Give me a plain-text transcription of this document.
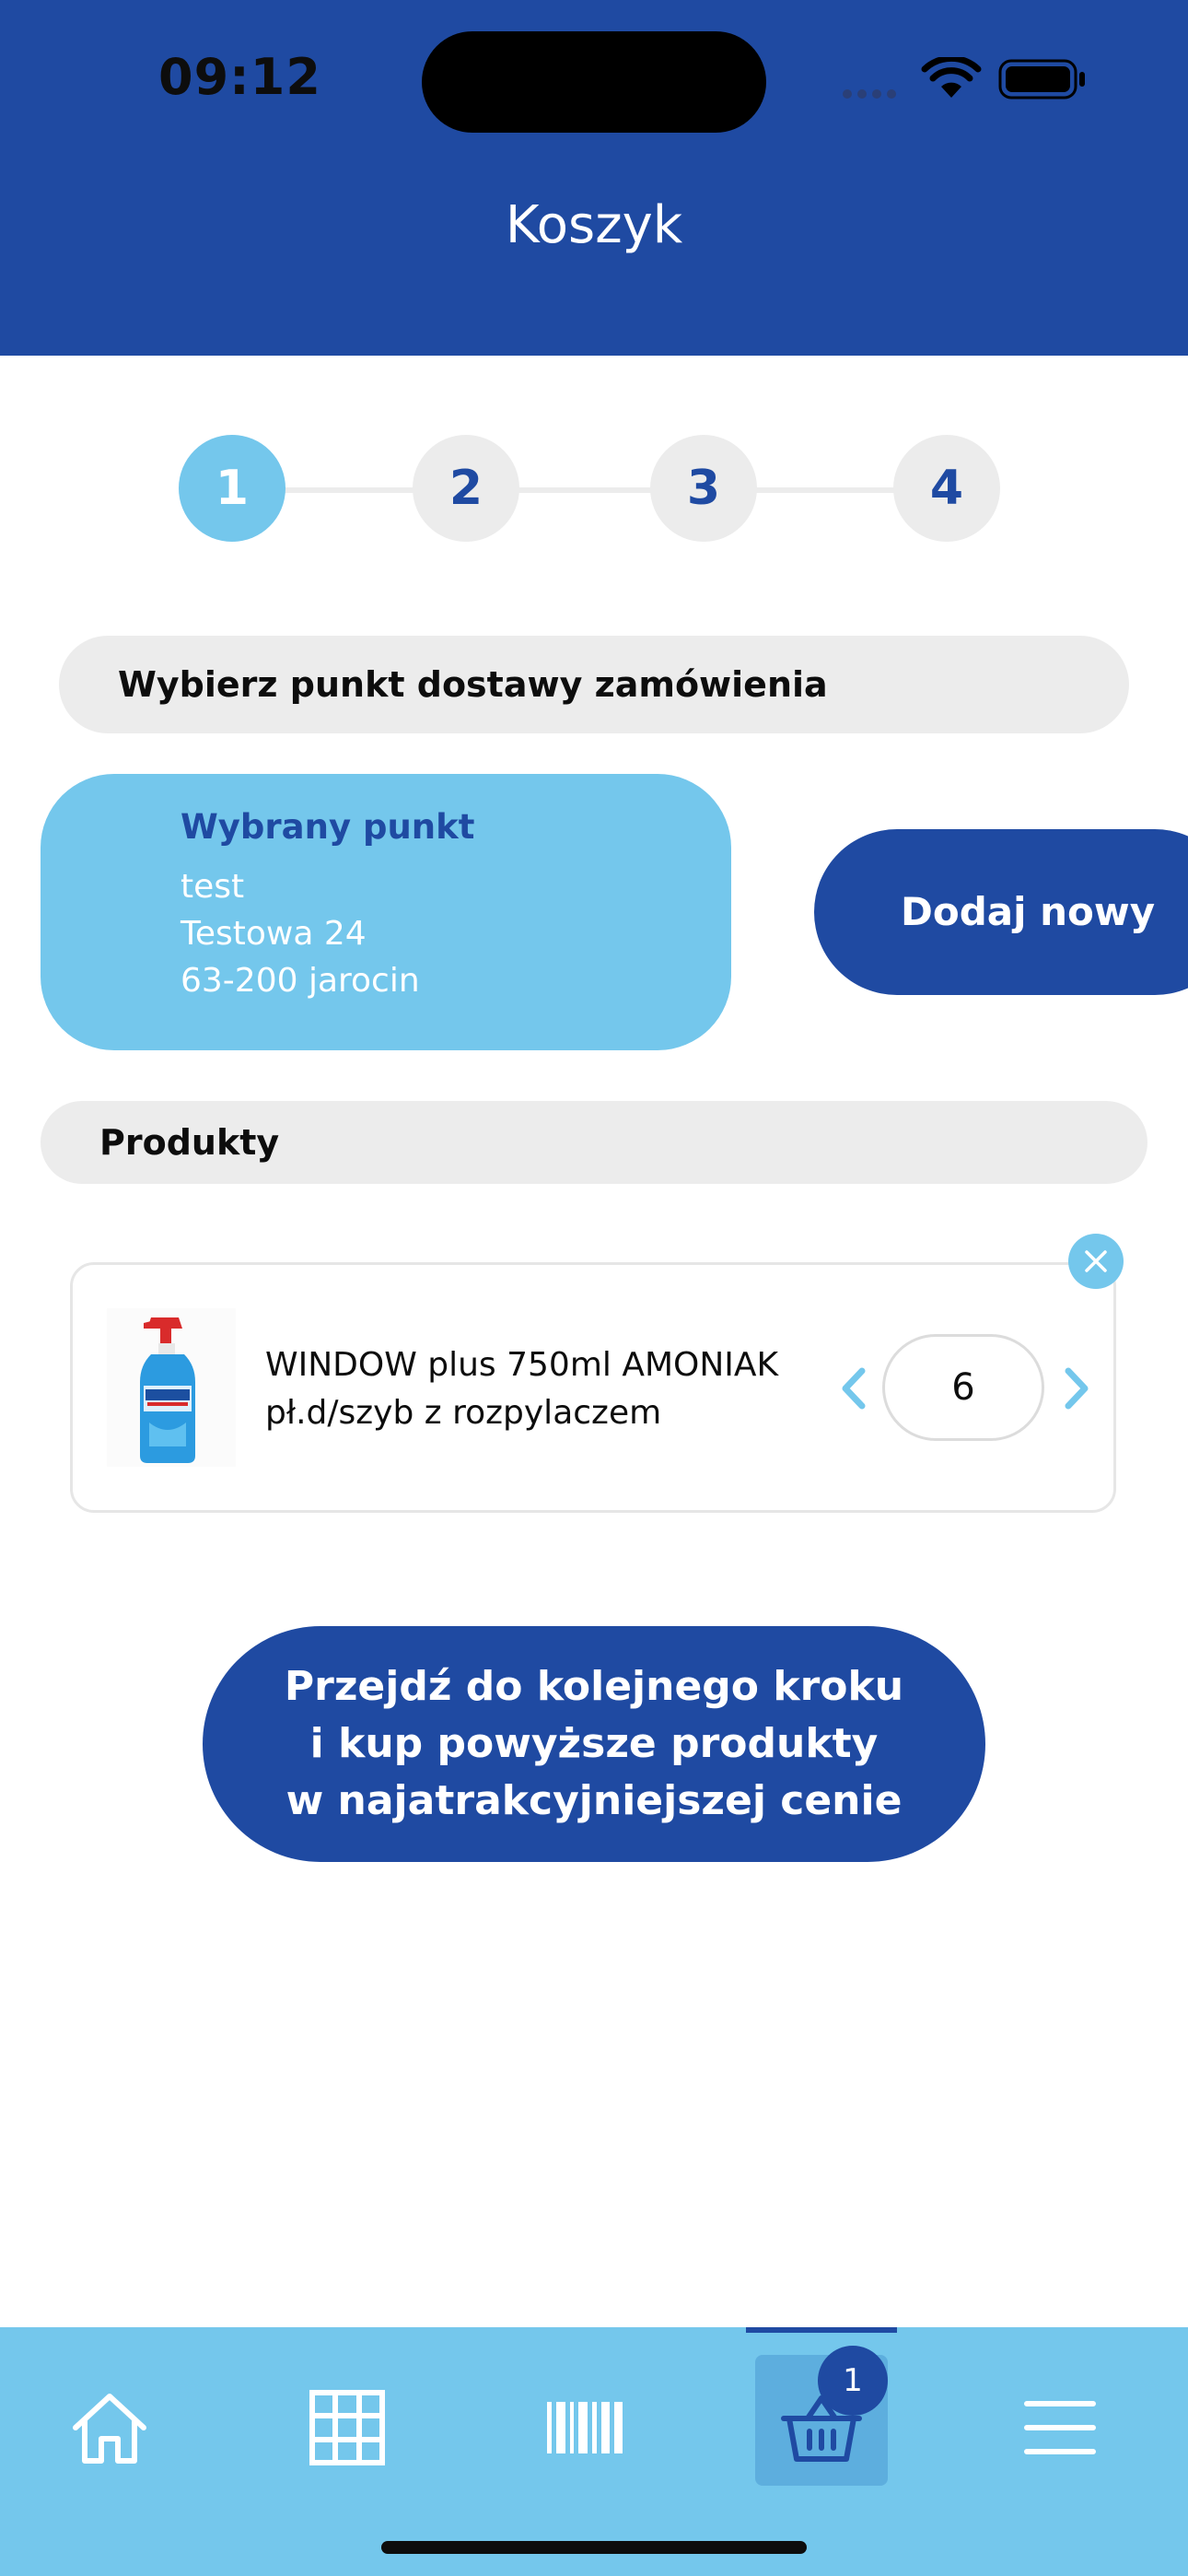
09:12
Koszyk
1	2	3	4
Wybierz punkt dostawy zamówienia
Wybrany punkt
test
Testowa 24
63-200 jarocin
Dodaj nowy
Produkty
WINDOW plus 750ml AMONIAK
pł.d/szyb z rozpylaczem
6
Przejdź do kolejnego kroku
i kup powyższe produkty
w najatrakcyjniejszej cenie
1
